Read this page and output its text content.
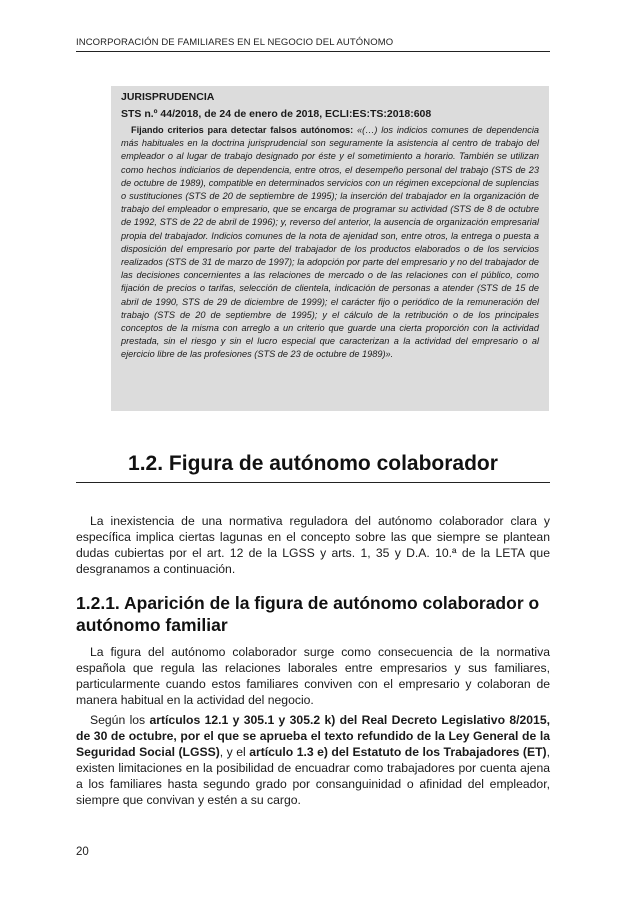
INCORPORACIÓN DE FAMILIARES EN EL NEGOCIO DEL AUTÓNOMO
JURISPRUDENCIA
STS n.º 44/2018, de 24 de enero de 2018, ECLI:ES:TS:2018:608
Fijando criterios para detectar falsos autónomos: «(…) los indicios comunes de dependencia más habituales en la doctrina jurisprudencial son seguramente la asistencia al centro de trabajo del empleador o al lugar de trabajo designado por éste y el sometimiento a horario. También se utilizan como hechos indiciarios de dependencia, entre otros, el desempeño personal del trabajo (STS de 23 de octubre de 1989), compatible en determinados servicios con un régimen excepcional de suplencias o sustituciones (STS de 20 de septiembre de 1995); la inserción del trabajador en la organización de trabajo del empleador o empresario, que se encarga de programar su actividad (STS de 8 de octubre de 1992, STS de 22 de abril de 1996); y, reverso del anterior, la ausencia de organización empresarial propia del trabajador. Indicios comunes de la nota de ajenidad son, entre otros, la entrega o puesta a disposición del empresario por parte del trabajador de los productos elaborados o de los servicios realizados (STS de 31 de marzo de 1997); la adopción por parte del empresario y no del trabajador de las decisiones concernientes a las relaciones de mercado o de las relaciones con el público, como fijación de precios o tarifas, selección de clientela, indicación de personas a atender (STS de 15 de abril de 1990, STS de 29 de diciembre de 1999); el carácter fijo o periódico de la remuneración del trabajo (STS de 20 de septiembre de 1995); y el cálculo de la retribución o de los principales conceptos de la misma con arreglo a un criterio que guarde una cierta proporción con la actividad prestada, sin el riesgo y sin el lucro especial que caracterizan a la actividad del empresario o al ejercicio libre de las profesiones (STS de 23 de octubre de 1989)».
1.2. Figura de autónomo colaborador
La inexistencia de una normativa reguladora del autónomo colaborador clara y específica implica ciertas lagunas en el concepto sobre las que siempre se plantean dudas cubiertas por el art. 12 de la LGSS y arts. 1, 35 y D.A. 10.ª de la LETA que desgranamos a continuación.
1.2.1. Aparición de la figura de autónomo colaborador o autónomo familiar
La figura del autónomo colaborador surge como consecuencia de la normativa española que regula las relaciones laborales entre empresarios y sus familiares, particularmente cuando estos familiares conviven con el empresario y colaboran de manera habitual en la actividad del negocio.
Según los artículos 12.1 y 305.1 y 305.2 k) del Real Decreto Legislativo 8/2015, de 30 de octubre, por el que se aprueba el texto refundido de la Ley General de la Seguridad Social (LGSS), y el artículo 1.3 e) del Estatuto de los Trabajadores (ET), existen limitaciones en la posibilidad de encuadrar como trabajadores por cuenta ajena a los familiares hasta segundo grado por consanguinidad o afinidad del empleador, siempre que convivan y estén a su cargo.
20
